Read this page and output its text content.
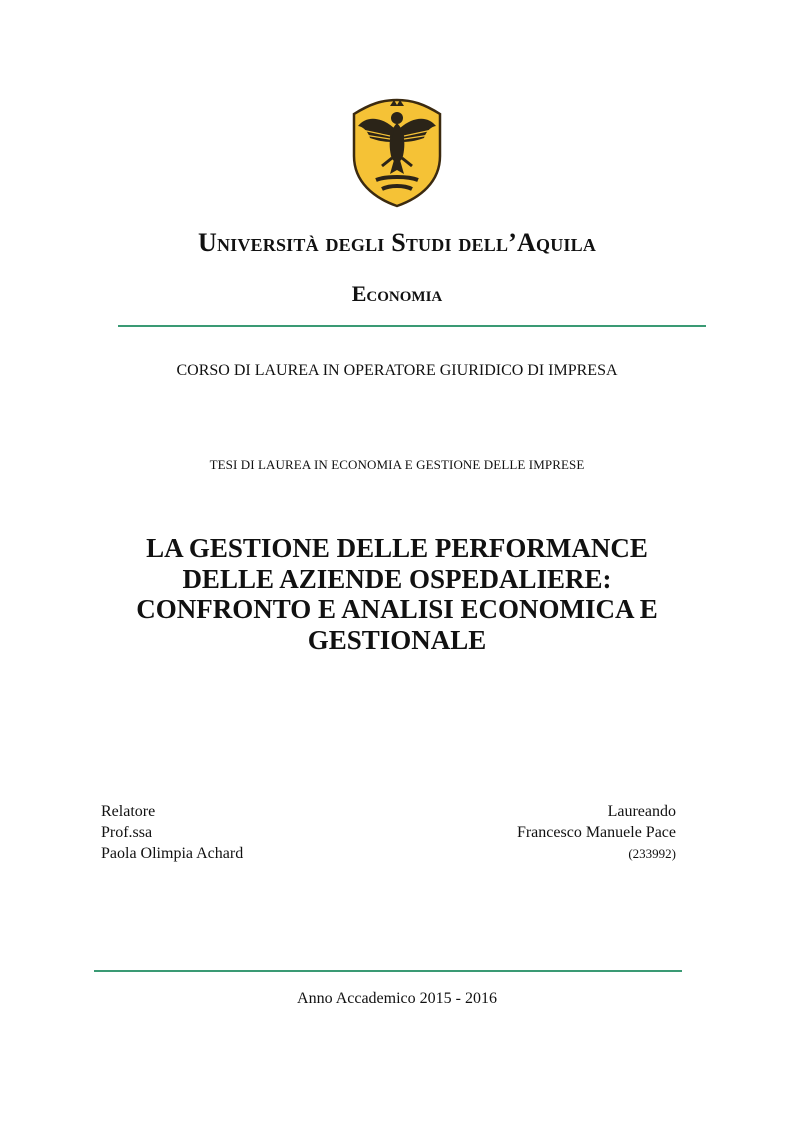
Università degli Studi dell’Aquila
Economia
CORSO DI LAUREA IN OPERATORE GIURIDICO DI IMPRESA
TESI DI LAUREA IN ECONOMIA E GESTIONE DELLE IMPRESE
LA GESTIONE DELLE PERFORMANCE DELLE AZIENDE OSPEDALIERE: CONFRONTO E ANALISI ECONOMICA E GESTIONALE
Relatore
Prof.ssa
Paola Olimpia Achard
Laureando
Francesco Manuele Pace
(233992)
Anno Accademico 2015 - 2016
